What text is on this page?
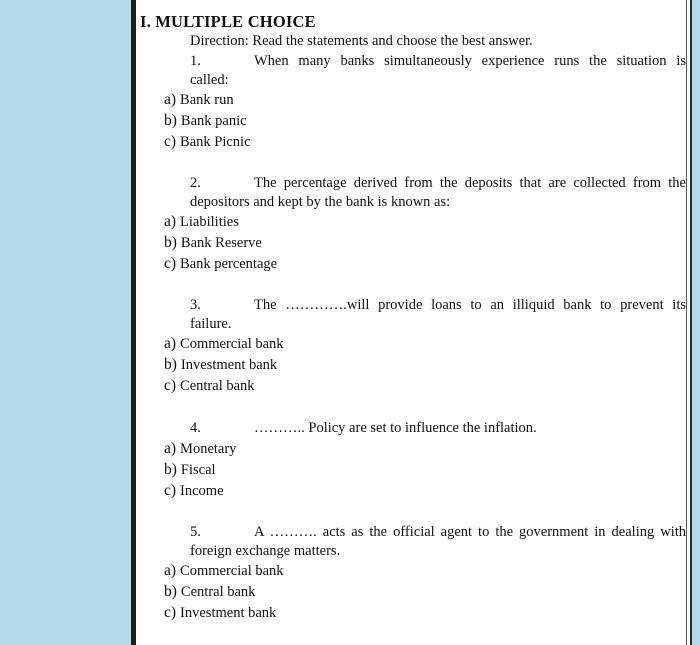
I. MULTIPLE CHOICE
Direction: Read the statements and choose the best answer.
1.	When many banks simultaneously experience runs the situation is
called:
a) Bank run
b) Bank panic
c) Bank Picnic
2.	The percentage derived from the deposits that are collected from the
depositors and kept by the bank is known as:
a) Liabilities
b) Bank Reserve
c) Bank percentage
3.	The ………….will provide loans to an illiquid bank to prevent its
failure.
a) Commercial bank
b) Investment bank
c) Central bank
4.	……….. Policy are set to influence the inflation.
a) Monetary
b) Fiscal
c) Income
5.	A ………. acts as the official agent to the government in dealing with
foreign exchange matters.
a) Commercial bank
b) Central bank
c) Investment bank
